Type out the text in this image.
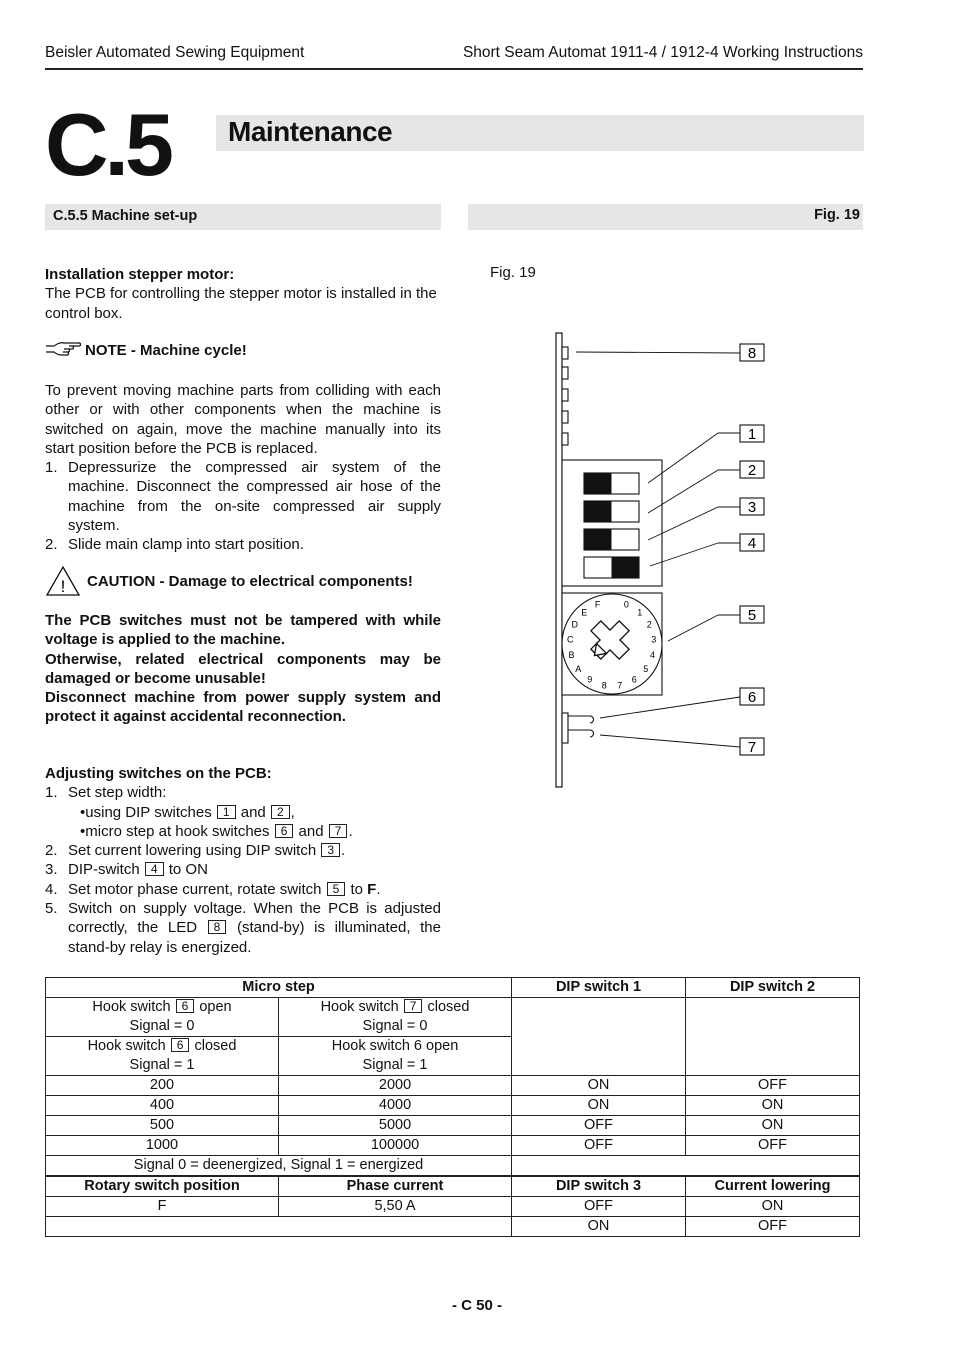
Beisler Automated Sewing Equipment	Short Seam Automat 1911-4 / 1912-4 Working Instructions
Maintenance
C.5
C.5.5 Machine set-up	Fig. 19

Installation stepper motor:

The PCB for controlling the stepper motor is installed in the control box.

NOTE - Machine cycle!

To prevent moving machine parts from colliding with each other or with other components when the machine is switched on again, move the machine manually into its start position before the PCB is replaced.

1. Depressurize the compressed air system of the machine. Disconnect the compressed air hose of the machine from the on-site compressed air supply system.
2. Slide main clamp into start position.
! CAUTION - Damage to electrical components!

The PCB switches must not be tampered with while voltage is applied to the machine.

Otherwise, related electrical components may be damaged or become unusable!

Disconnect machine from power supply system and protect it against accidental reconnection.

Adjusting switches on the PCB:

1. Set step width:
•using DIP switches 1 and 2 ,
•micro step at hook switches 6 and 7 .
2. Set current lowering using DIP switch 3 .
3. DIP-switch 4 to ON
4. Set motor phase current, rotate switch 5 to F.
5. Switch on supply voltage. When the PCB is adjusted correctly, the LED 8 (stand-by) is illuminated, the stand-by relay is energized.
Fig. 19
0
1
2
3
4
5
6
7
8
9
A
B
C
D
E
F
8
1
2
3
4
5
6
7
Micro step		DIP switch 1	DIP switch 2
Hook switch 6 open
Signal = 0	Hook switch 7 closed
Signal = 0		
Hook switch 6 closed
Signal = 1	Hook switch 6 open
Signal = 1		
200	2000	ON	OFF
400	4000	ON	ON
500	5000	OFF	ON
1000	100000	OFF	OFF
Signal 0 = deenergized, Signal 1 = energized			
Rotary switch position	Phase current	DIP switch 3	Current lowering
F	5,50 A	OFF	ON
		ON	OFF
- C 50 -
